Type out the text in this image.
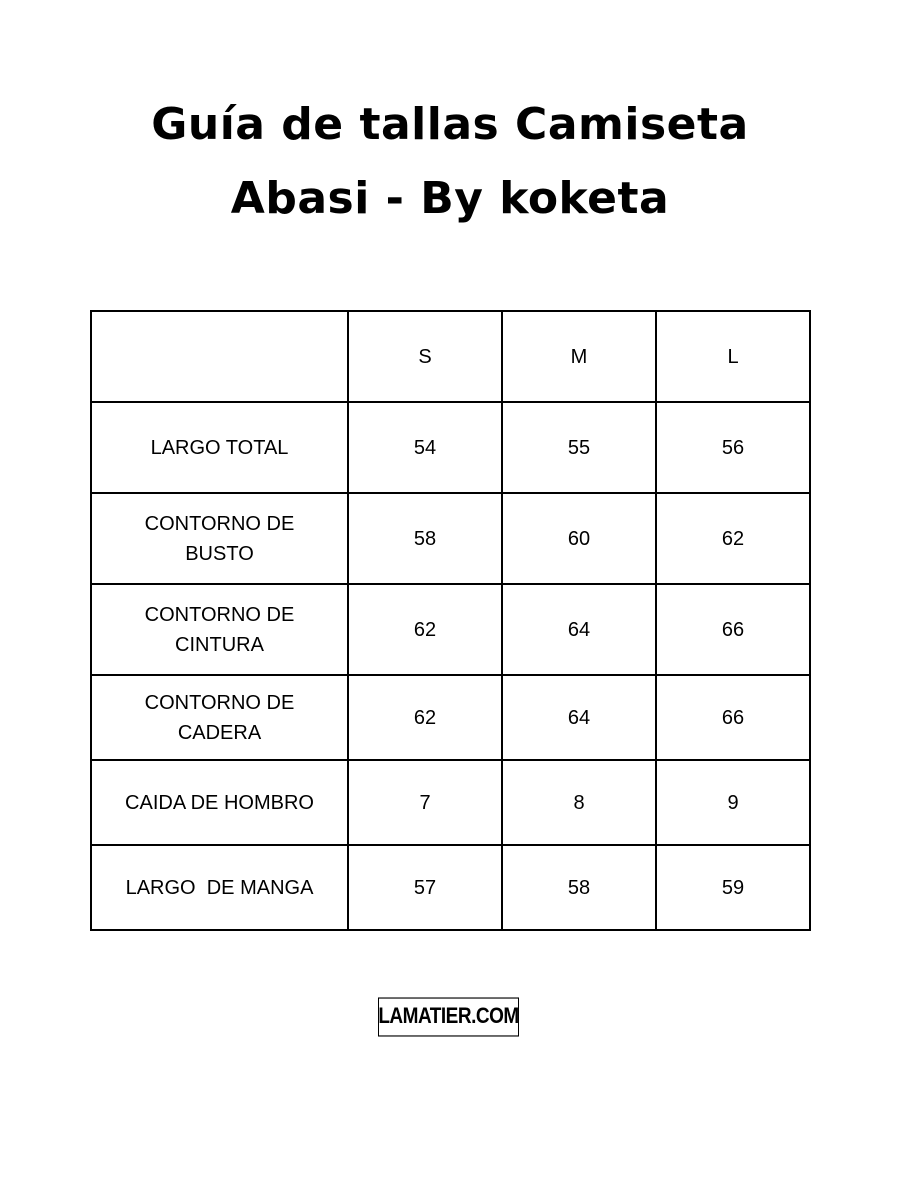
Guía de tallas Camiseta
Abasi - By koketa
	S	M	L
LARGO TOTAL	54	55	56
CONTORNO DE BUSTO	58	60	62
CONTORNO DE CINTURA	62	64	66
CONTORNO DE CADERA	62	64	66
CAIDA DE HOMBRO	7	8	9
LARGO  DE MANGA	57	58	59
LAMATIER.COM
